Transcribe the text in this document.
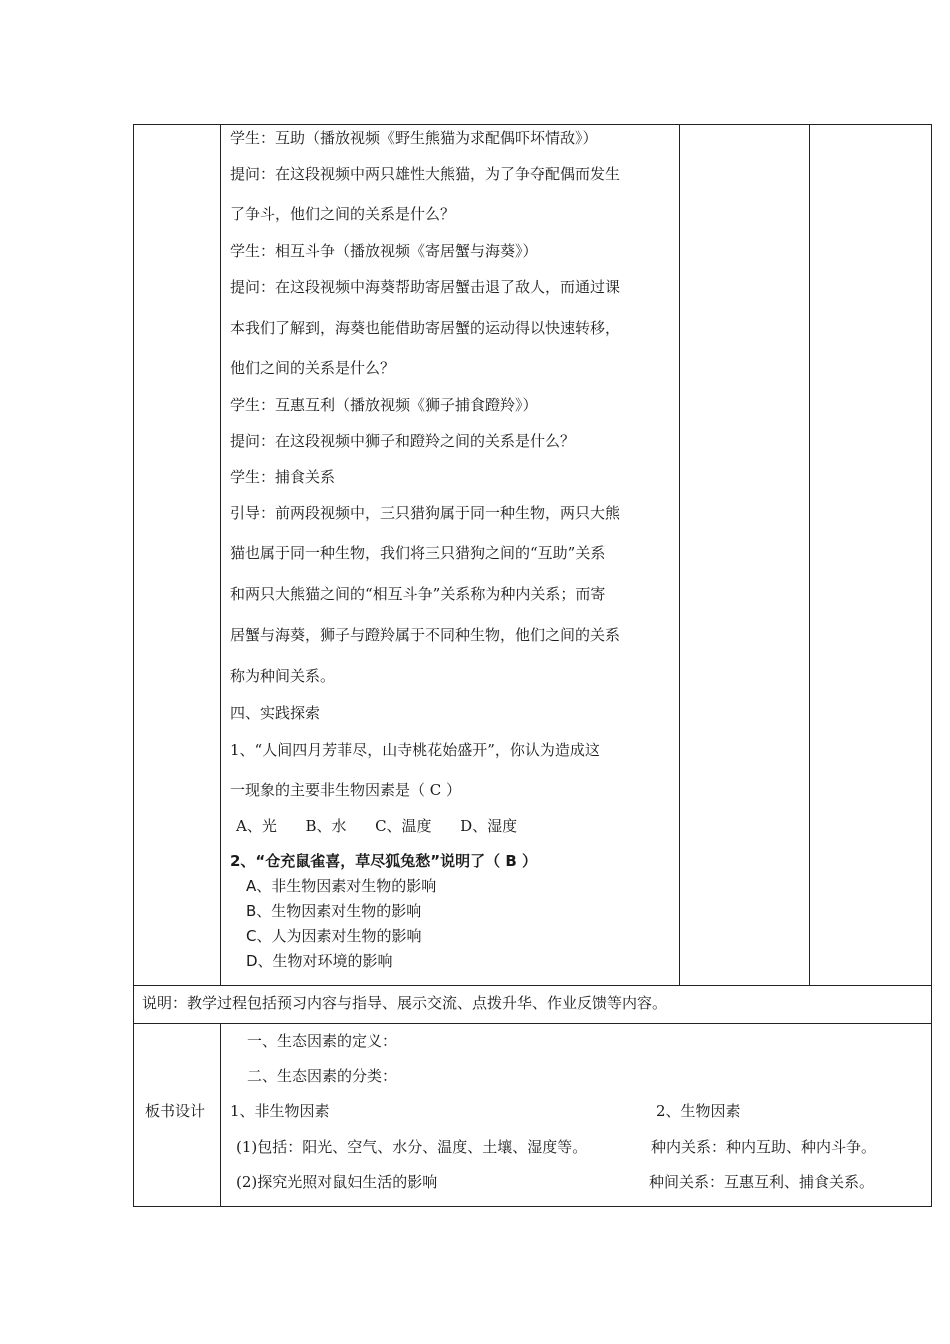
学生：互助（播放视频《野生熊猫为求配偶吓坏情敌》）
提问：在这段视频中两只雄性大熊猫，为了争夺配偶而发生
了争斗，他们之间的关系是什么？
学生：相互斗争（播放视频《寄居蟹与海葵》）
提问：在这段视频中海葵帮助寄居蟹击退了敌人，而通过课
本我们了解到，海葵也能借助寄居蟹的运动得以快速转移，
他们之间的关系是什么？
学生：互惠互利（播放视频《狮子捕食蹬羚》）
提问：在这段视频中狮子和蹬羚之间的关系是什么？
学生：捕食关系
引导：前两段视频中，三只猎狗属于同一种生物，两只大熊
猫也属于同一种生物，我们将三只猎狗之间的“互助”关系
和两只大熊猫之间的“相互斗争”关系称为种内关系；而寄
居蟹与海葵，狮子与蹬羚属于不同种生物，他们之间的关系
称为种间关系。
四、实践探索
1、“人间四月芳菲尽，山寺桃花始盛开”，你认为造成这
一现象的主要非生物因素是（ C ）
A、光      B、水      C、温度      D、湿度
2、“仓充鼠雀喜，草尽狐兔愁”说明了（ B ）
A、非生物因素对生物的影响
B、生物因素对生物的影响
C、人为因素对生物的影响
D、生物对环境的影响
说明：教学过程包括预习内容与指导、展示交流、点拨升华、作业反馈等内容。
板书设计
一、生态因素的定义：
二、生态因素的分类：
1、非生物因素
(1)包括：阳光、空气、水分、温度、土壤、湿度等。
(2)探究光照对鼠妇生活的影响
2、生物因素
种内关系：种内互助、种内斗争。
种间关系：互惠互利、捕食关系。
